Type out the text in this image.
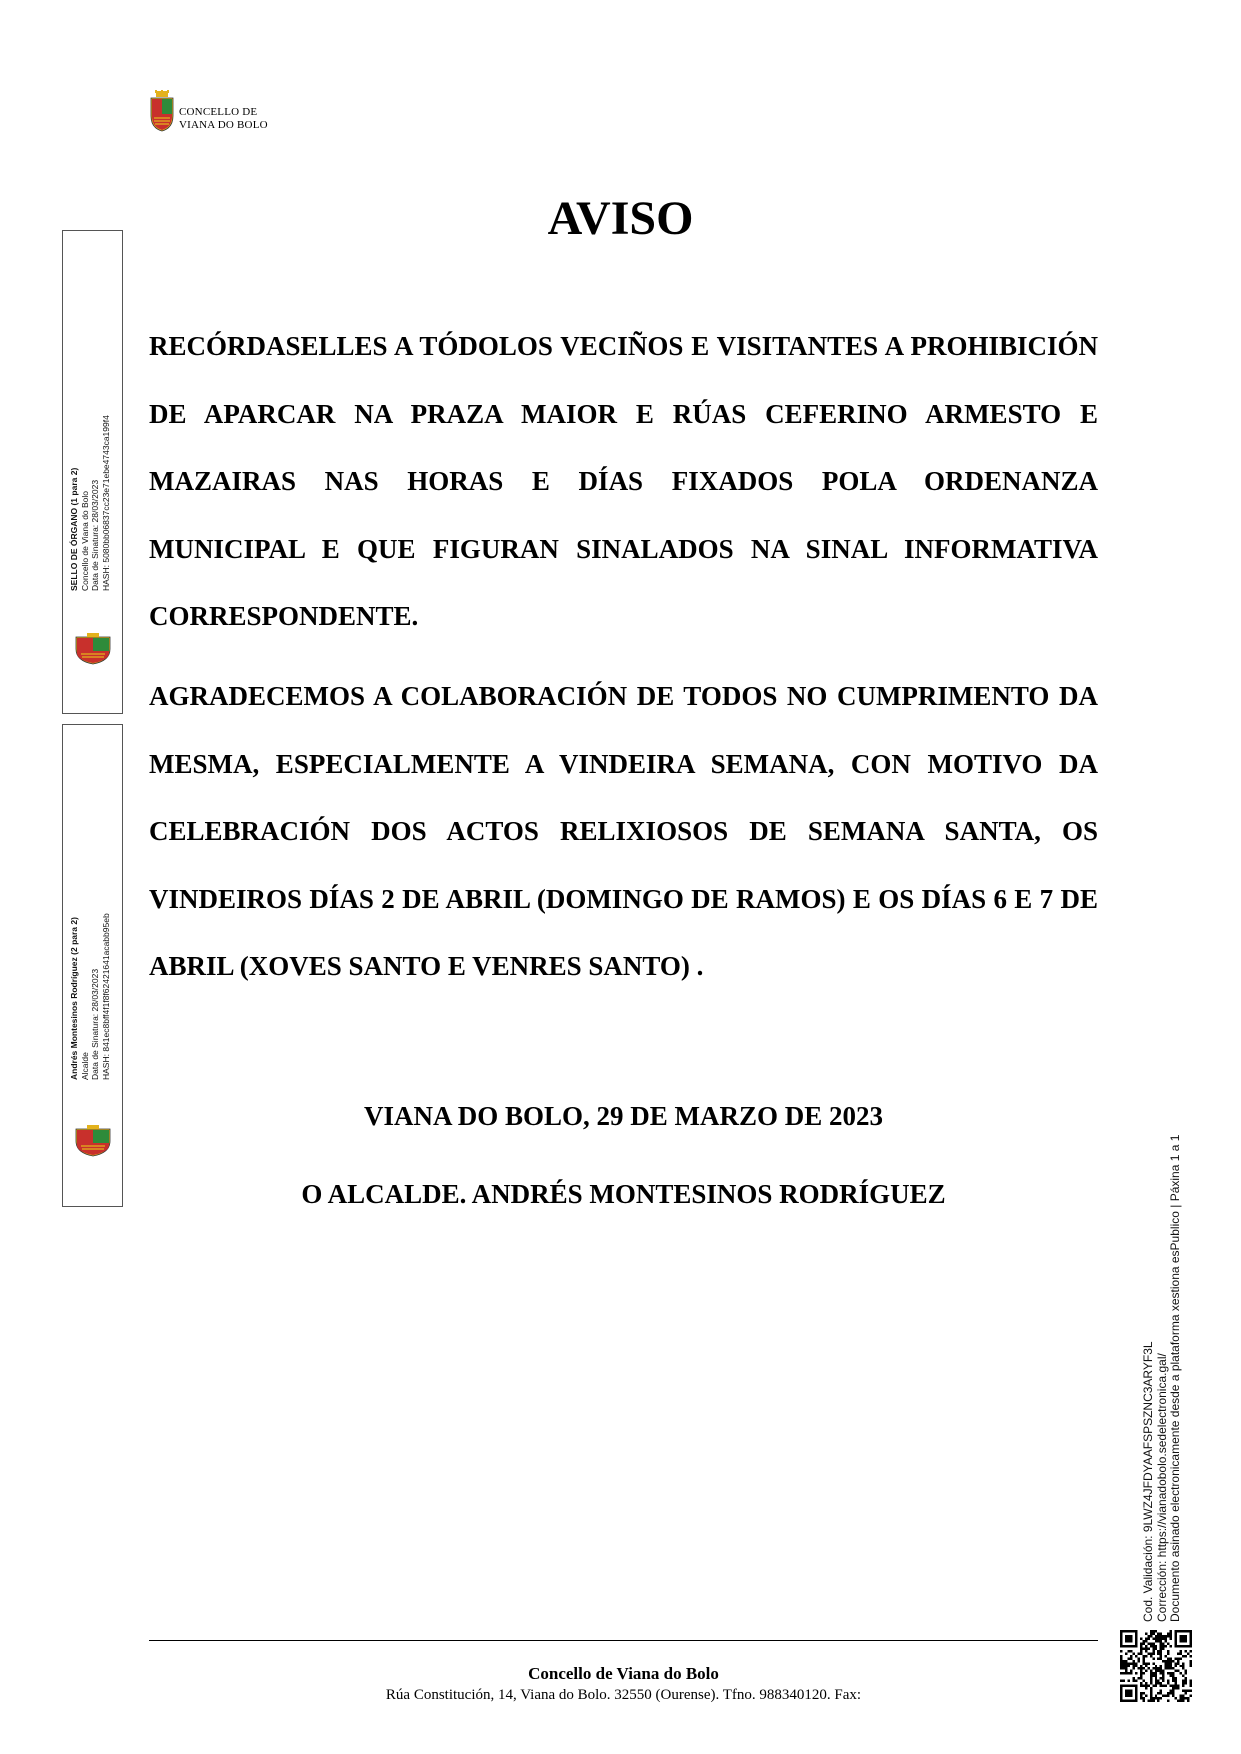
CONCELLO DE
VIANA DO BOLO
AVISO

RECÓRDASELLES A TÓDOLOS VECIÑOS E VISITANTES A PROHIBICIÓN DE APARCAR NA PRAZA MAIOR E RÚAS CEFERINO ARMESTO E MAZAIRAS NAS HORAS E DÍAS FIXADOS POLA ORDENANZA MUNICIPAL E QUE FIGURAN SINALADOS NA SINAL INFORMATIVA CORRESPONDENTE.

AGRADECEMOS A COLABORACIÓN DE TODOS NO CUMPRIMENTO DA MESMA, ESPECIALMENTE A VINDEIRA SEMANA, CON MOTIVO DA CELEBRACIÓN DOS ACTOS RELIXIOSOS DE SEMANA SANTA, OS VINDEIROS DÍAS 2 DE ABRIL (DOMINGO DE RAMOS) E OS DÍAS 6 E 7 DE ABRIL (XOVES SANTO E VENRES SANTO) .

VIANA DO BOLO, 29 DE MARZO DE 2023
O ALCALDE. ANDRÉS MONTESINOS RODRÍGUEZ
SELLO DE ÓRGANO (1 para 2) Concello de Viana do Bolo Data de Sinatura: 28/03/2023 HASH: 5080bb06837cc23e71ebe4743ca199f4
Andrés Montesinos Rodríguez (2 para 2) Alcalde Data de Sinatura: 28/03/2023 HASH: 841ec8bff4f1f8f62421641acabb95eb
Cod. Validación: 9LWZ4JFDYAAFSPSZNC3ARYF3L Corrección: https://vianadobolo.sedelectronica.gal/ Documento asinado electronicamente desde a plataforma xestiona esPublico | Páxina 1 a 1
Concello de Viana do Bolo
Rúa Constitución, 14, Viana do Bolo. 32550 (Ourense). Tfno. 988340120. Fax:
